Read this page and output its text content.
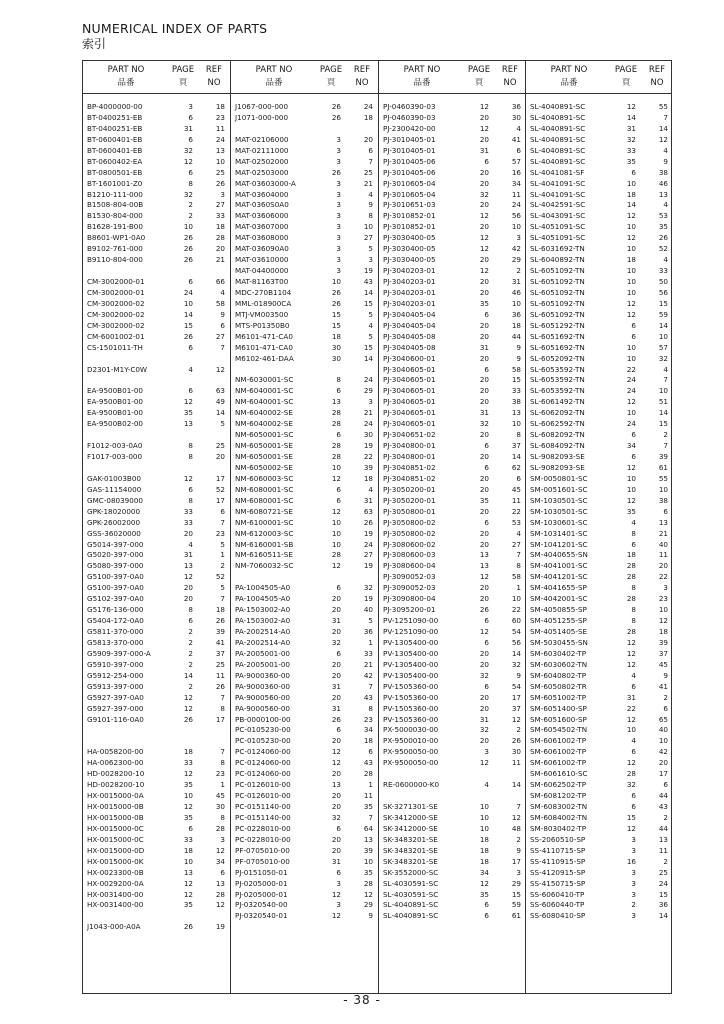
NUMERICAL INDEX OF PARTS
索引
PART NO
品番
PAGE
頁
REF
NO
BP-4000000-00	3	18
BT-0400251-EB	6	23
BT-0400251-EB	31	11
BT-0600401-EB	6	24
BT-0600401-EB	32	13
BT-0600402-EA	12	10
BT-0800501-EB	6	25
BT-1601001-Z0	8	26
B1210-111-000	32	3
B1508-804-00B	2	27
B1530-804-000	2	33
B1628-191-B00	10	18
B8601-WP1-0A0	26	28
B9102-761-000	26	20
B9110-804-000	26	21
CM-3002000-01	6	66
CM-3002000-01	24	4
CM-3002000-02	10	58
CM-3002000-02	14	9
CM-3002000-02	15	6
CM-6001002-01	26	27
CS-1501011-TH	6	7
D2301-M1Y-C0W	4	12
EA-9500B01-00	6	63
EA-9500B01-00	12	49
EA-9500B01-00	35	14
EA-9500B02-00	13	5
F1012-003-0A0	8	25
F1017-003-000	8	20
GAK-01003B00	12	17
GAS-11154000	6	52
GMC-08039000	8	17
GPK-18020000	33	6
GPK-26002000	33	7
GSS-36020000	20	23
G5014-397-000	4	5
G5020-397-000	31	1
G5080-397-000	13	2
G5100-397-0A0	12	52
G5100-397-0A0	20	5
G5102-397-0A0	20	7
G5176-136-000	8	18
G5404-172-0A0	6	26
G5811-370-000	2	39
G5813-370-000	2	41
G5909-397-000-A	2	37
G5910-397-000	2	25
G5912-254-000	14	11
G5913-397-000	2	26
G5927-397-0A0	12	7
G5927-397-000	12	8
G9101-116-0A0	26	17
HA-0058200-00	18	7
HA-0062300-00	33	8
HD-0028200-10	12	23
HD-0028200-10	35	1
HX-0015000-0A	10	45
HX-0015000-0B	12	30
HX-0015000-0B	35	8
HX-0015000-0C	6	28
HX-0015000-0C	33	3
HX-0015000-0D	18	12
HX-0015000-0K	10	34
HX-0023300-0B	13	6
HX-0029200-0A	12	13
HX-0031400-00	12	28
HX-0031400-00	35	12
J1043-000-A0A	26	19
PART NO
品番
PAGE
頁
REF
NO
J1067-000-000	26	24
J1071-000-000	26	18
MAT-02106000	3	20
MAT-02111000	3	6
MAT-02502000	3	7
MAT-02503000	26	25
MAT-03603000-A	3	21
MAT-03604000	3	4
MAT-0360S0A0	3	9
MAT-03606000	3	8
MAT-03607000	3	10
MAT-03608000	3	27
MAT-036090A0	3	5
MAT-03610000	3	3
MAT-04400000	3	19
MAT-81163T00	10	43
MDC-270B1104	26	14
MML-018900CA	26	15
MTJ-VM003500	15	5
MTS-P01350B0	15	4
M6101-471-CA0	18	5
M6101-471-CA0	30	15
M6102-461-DAA	30	14
NM-6030001-SC	8	24
NM-6040001-SC	6	29
NM-6040001-SC	13	3
NM-6040002-SE	28	21
NM-6040002-SE	28	24
NM-6050001-SC	6	30
NM-6050001-SE	28	19
NM-6050001-SE	28	22
NM-6050002-SE	10	39
NM-6060003-SC	12	18
NM-6080001-SC	6	4
NM-6080001-SC	6	31
NM-6080721-SE	12	63
NM-6100001-SC	10	26
NM-6120003-SC	10	19
NM-6160001-SB	10	24
NM-6160511-SE	28	27
NM-7060032-SC	12	19
PA-1004505-A0	6	32
PA-1004505-A0	20	19
PA-1503002-A0	20	40
PA-1503002-A0	31	5
PA-2002514-A0	20	36
PA-2002514-A0	32	1
PA-2005001-00	6	33
PA-2005001-00	20	21
PA-9000360-00	20	42
PA-9000360-00	31	7
PA-9000560-00	20	43
PA-9000560-00	31	8
PB-0000100-00	26	23
PC-0105230-00	6	34
PC-0105230-00	20	18
PC-0124060-00	12	6
PC-0124060-00	12	43
PC-0124060-00	20	28
PC-0126010-00	13	1
PC-0126010-00	20	11
PC-0151140-00	20	35
PC-0151140-00	32	7
PC-0228010-00	6	64
PC-0228010-00	20	13
PF-0705010-00	20	39
PF-0705010-00	31	10
PJ-0151050-01	6	35
PJ-0205000-01	3	28
PJ-0205000-01	12	12
PJ-0320540-00	3	29
PJ-0320540-01	12	9
PART NO
品番
PAGE
頁
REF
NO
PJ-0460390-03	12	36
PJ-0460390-03	20	30
PJ-2300420-00	12	4
PJ-3010405-01	20	41
PJ-3010405-01	31	6
PJ-3010405-06	6	57
PJ-3010405-06	20	16
PJ-3010605-04	20	34
PJ-3010605-04	32	11
PJ-3010651-03	20	24
PJ-3010852-01	12	56
PJ-3010852-01	20	10
PJ-3030400-05	12	3
PJ-3030400-05	12	42
PJ-3030400-05	20	29
PJ-3040203-01	12	2
PJ-3040203-01	20	31
PJ-3040203-01	20	46
PJ-3040203-01	35	10
PJ-3040405-04	6	36
PJ-3040405-04	20	18
PJ-3040405-08	20	44
PJ-3040405-08	31	9
PJ-3040600-01	20	9
PJ-3040605-01	6	58
PJ-3040605-01	20	15
PJ-3040605-01	20	33
PJ-3040605-01	20	38
PJ-3040605-01	31	13
PJ-3040605-01	32	10
PJ-3040651-02	20	8
PJ-3040800-01	6	37
PJ-3040800-01	20	14
PJ-3040851-02	6	62
PJ-3040851-02	20	6
PJ-3050200-01	20	45
PJ-3050200-01	35	11
PJ-3050800-01	20	22
PJ-3050800-02	6	53
PJ-3050800-02	20	4
PJ-3080600-02	20	27
PJ-3080600-03	13	7
PJ-3080600-04	13	8
PJ-3090052-03	12	58
PJ-3090052-03	20	1
PJ-3090800-04	20	10
PJ-3095200-01	26	22
PV-1251090-00	6	60
PV-1251090-00	12	54
PV-1305400-00	6	56
PV-1305400-00	20	14
PV-1305400-00	20	32
PV-1305400-00	32	9
PV-1505360-00	6	54
PV-1505360-00	20	17
PV-1505360-00	20	37
PV-1505360-00	31	12
PX-5000030-00	32	2
PX-9500010-00	20	26
PX-9500050-00	3	30
PX-9500050-00	12	11
RE-0600000-K0	4	14
SK-3271301-SE	10	7
SK-3412000-SE	10	12
SK-3412000-SE	10	48
SK-3483201-SE	18	2
SK-3483201-SE	18	9
SK-3483201-SE	18	17
SK-3552000-SC	34	3
SL-4030591-SC	12	29
SL-4030591-SC	35	15
SL-4040891-SC	6	59
SL-4040891-SC	6	61
PART NO
品番
PAGE
頁
REF
NO
SL-4040891-SC	12	55
SL-4040891-SC	14	7
SL-4040891-SC	31	14
SL-4040891-SC	32	12
SL-4040891-SC	33	4
SL-4040891-SC	35	9
SL-4041081-SF	6	38
SL-4041091-SC	10	46
SL-4041091-SC	18	13
SL-4042591-SC	14	4
SL-4043091-SC	12	53
SL-4051091-SC	10	35
SL-4051091-SC	12	26
SL-6031692-TN	10	52
SL-6040892-TN	18	4
SL-6051092-TN	10	33
SL-6051092-TN	10	50
SL-6051092-TN	10	56
SL-6051092-TN	12	15
SL-6051092-TN	12	59
SL-6051292-TN	6	14
SL-6051692-TN	6	10
SL-6051692-TN	10	57
SL-6052092-TN	10	32
SL-6053592-TN	22	4
SL-6053592-TN	24	7
SL-6053592-TN	24	10
SL-6061492-TN	12	51
SL-6062092-TN	10	14
SL-6062592-TN	24	15
SL-6082092-TN	6	2
SL-6084092-TN	34	7
SL-9082093-SE	6	39
SL-9082093-SE	12	61
SM-0050801-SC	10	55
SM-0051601-SC	10	10
SM-1030501-SC	12	38
SM-1030501-SC	35	6
SM-1030601-SC	4	13
SM-1031401-SC	8	21
SM-1041201-SC	6	40
SM-4040655-SN	18	11
SM-4041001-SC	28	20
SM-4041201-SC	28	22
SM-4041655-SP	8	3
SM-4042001-SC	28	23
SM-4050855-SP	8	10
SM-4051255-SP	8	12
SM-4051405-SE	28	18
SM-5030455-SN	12	39
SM-6030402-TP	12	37
SM-6030602-TN	12	45
SM-6040802-TP	4	9
SM-6050802-TR	6	41
SM-6051002-TP	31	2
SM-6051400-SP	22	6
SM-6051600-SP	12	65
SM-6054502-TN	10	40
SM-6061002-TP	4	10
SM-6061002-TP	6	42
SM-6061002-TP	12	20
SM-6061610-SC	28	17
SM-6062502-TP	32	6
SM-6081202-TP	6	44
SM-6083002-TN	6	43
SM-6084002-TN	15	2
SM-8030402-TP	12	44
SS-2060510-SP	3	13
SS-4110715-SP	3	11
SS-4110915-SP	16	2
SS-4120915-SP	3	25
SS-4150715-SP	3	24
SS-6060410-TP	3	15
SS-6060440-TP	2	36
SS-6080410-SP	3	14
- 38 -
